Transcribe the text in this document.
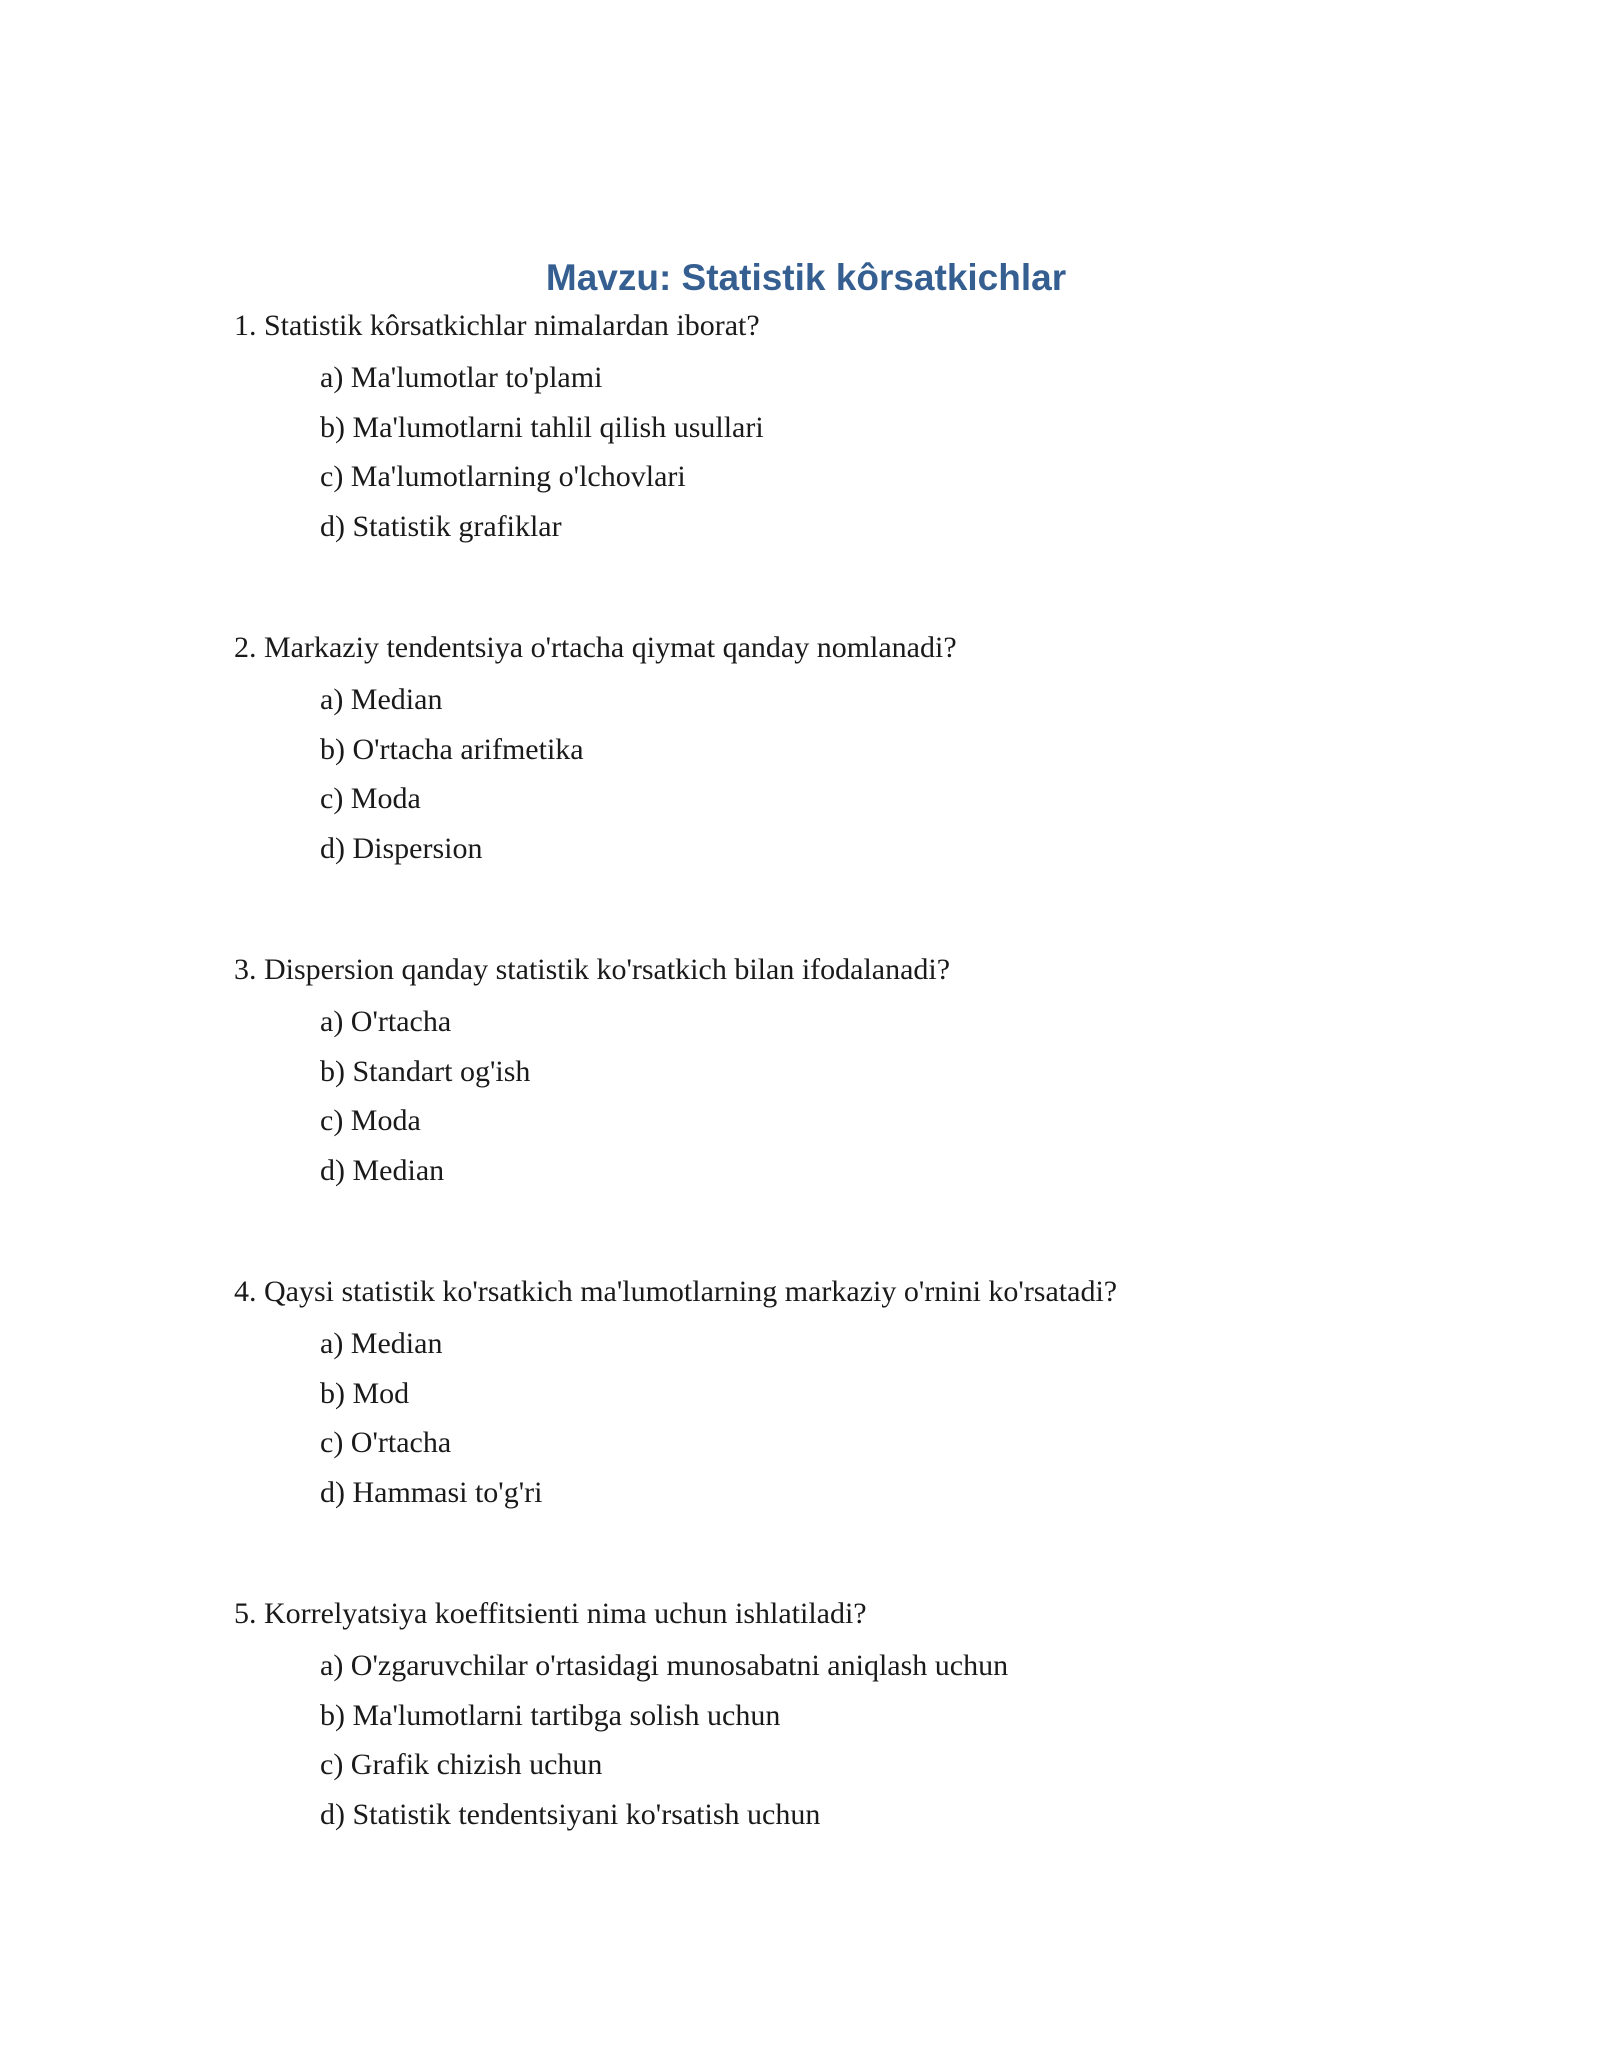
Mavzu: Statistik kôrsatkichlar

1. Statistik kôrsatkichlar nimalardan iborat?

a) Ma'lumotlar to'plami
b) Ma'lumotlarni tahlil qilish usullari
c) Ma'lumotlarning o'lchovlari
d) Statistik grafiklar

2. Markaziy tendentsiya o'rtacha qiymat qanday nomlanadi?

a) Median
b) O'rtacha arifmetika
c) Moda
d) Dispersion

3. Dispersion qanday statistik ko'rsatkich bilan ifodalanadi?

a) O'rtacha
b) Standart og'ish
c) Moda
d) Median

4. Qaysi statistik ko'rsatkich ma'lumotlarning markaziy o'rnini ko'rsatadi?

a) Median
b) Mod
c) O'rtacha
d) Hammasi to'g'ri

5. Korrelyatsiya koeffitsienti nima uchun ishlatiladi?

a) O'zgaruvchilar o'rtasidagi munosabatni aniqlash uchun
b) Ma'lumotlarni tartibga solish uchun
c) Grafik chizish uchun
d) Statistik tendentsiyani ko'rsatish uchun
